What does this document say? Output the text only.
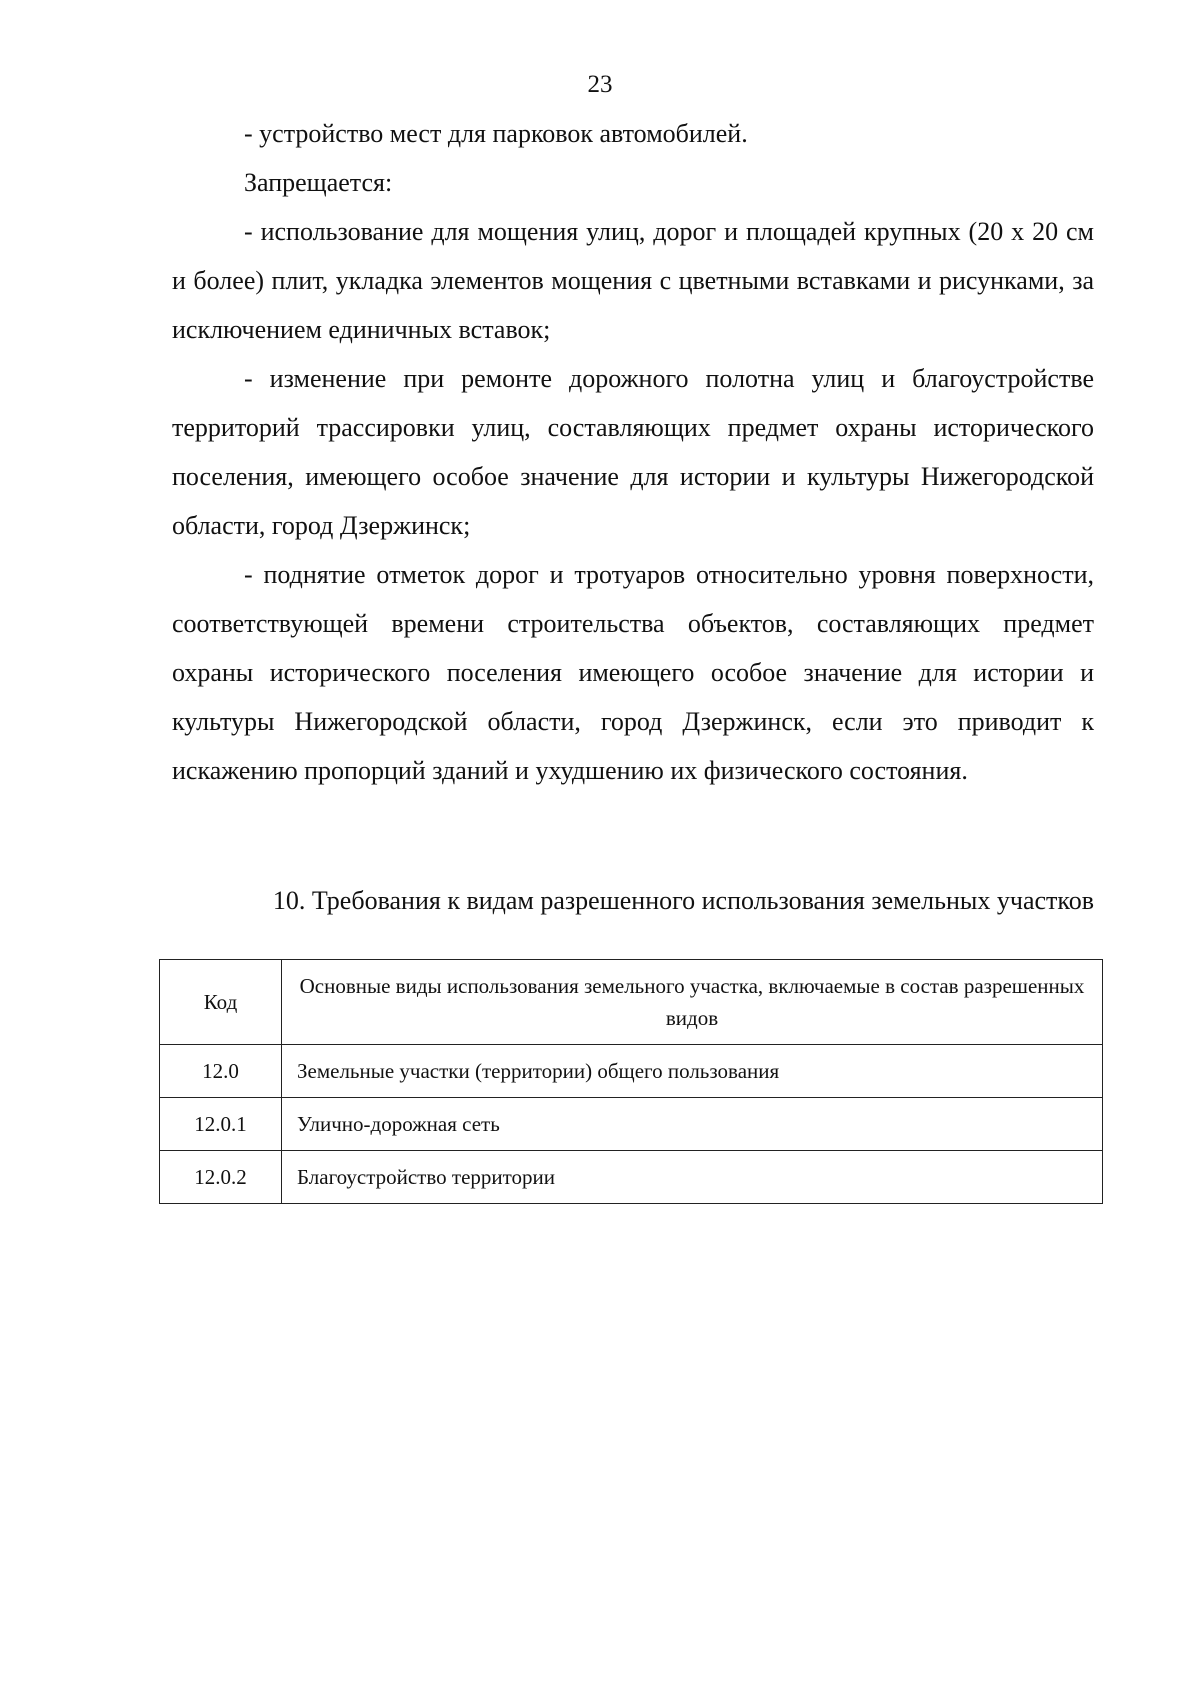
23

- устройство мест для парковок автомобилей.

Запрещается:

- использование для мощения улиц, дорог и площадей крупных (20 х 20 см и более) плит, укладка элементов мощения с цветными вставками и рисунками, за исключением единичных вставок;

- изменение при ремонте дорожного полотна улиц и благоустройстве территорий трассировки улиц, составляющих предмет охраны исторического поселения, имеющего особое значение для истории и культуры Нижегородской области, город Дзержинск;

- поднятие отметок дорог и тротуаров относительно уровня поверхности, соответствующей времени строительства объектов, составляющих предмет охраны исторического поселения имеющего особое значение для истории и культуры Нижегородской области, город Дзержинск, если это приводит к искажению пропорций зданий и ухудшению их физического состояния.

10. Требования к видам разрешенного использования земельных участков

Код	Основные виды использования земельного участка, включаемые в состав разрешенных видов
12.0	Земельные участки (территории) общего пользования
12.0.1	Улично-дорожная сеть
12.0.2	Благоустройство территории
